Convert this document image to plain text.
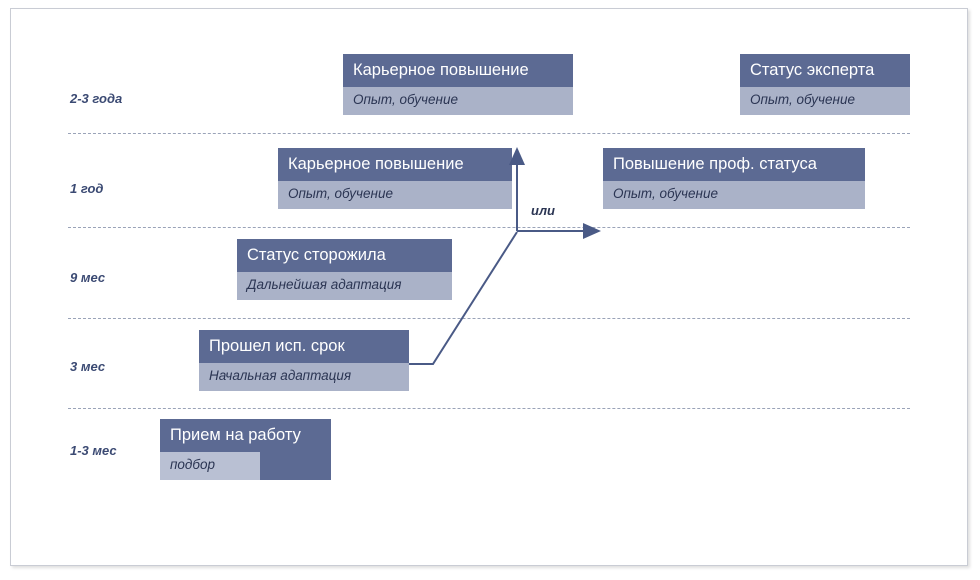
2-3 года
1 год
9 мес
3 мес
1-3 мес
Карьерное повышение
Опыт, обучение
Статус эксперта
Опыт, обучение
Карьерное повышение
Опыт, обучение
Повышение проф. статуса
Опыт, обучение
Статус сторожила
Дальнейшая адаптация
Прошел исп. срок
Начальная адаптация
Прием на работу
подбор
или
